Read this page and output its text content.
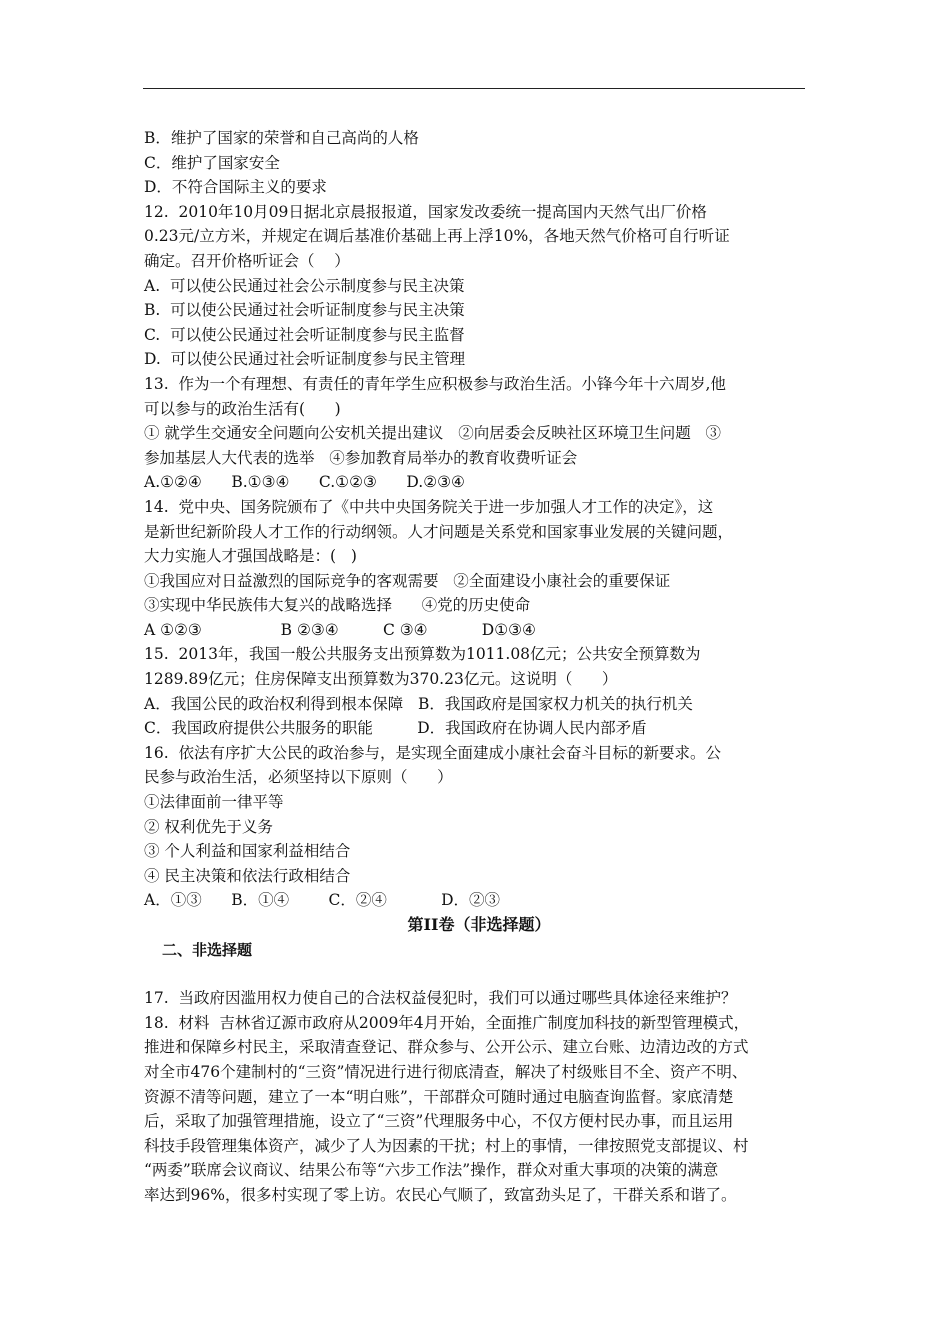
B．维护了国家的荣誉和自己高尚的人格
C．维护了国家安全
D．不符合国际主义的要求
12.  2010年10月09日据北京晨报报道，国家发改委统一提高国内天然气出厂价格
0.23元/立方米，并规定在调后基准价基础上再上浮10%，各地天然气价格可自行听证
确定。召开价格听证会（    ）
A.  可以使公民通过社会公示制度参与民主决策
B.  可以使公民通过社会听证制度参与民主决策
C.  可以使公民通过社会听证制度参与民主监督
D.  可以使公民通过社会听证制度参与民主管理
13.  作为一个有理想、有责任的青年学生应积极参与政治生活。小锋今年十六周岁,他
可以参与的政治生活有(      )
① 就学生交通安全问题向公安机关提出建议   ②向居委会反映社区环境卫生问题   ③
参加基层人大代表的选举   ④参加教育局举办的教育收费听证会
A.①②④      B.①③④      C.①②③      D.②③④
14.  党中央、国务院颁布了《中共中央国务院关于进一步加强人才工作的决定》，这
是新世纪新阶段人才工作的行动纲领。人才问题是关系党和国家事业发展的关键问题，
大力实施人才强国战略是：(   )
①我国应对日益激烈的国际竞争的客观需要   ②全面建设小康社会的重要保证
③实现中华民族伟大复兴的战略选择      ④党的历史使命
A ①②③                B ②③④         C ③④           D①③④
15.  2013年，我国一般公共服务支出预算数为1011.08亿元；公共安全预算数为
1289.89亿元；住房保障支出预算数为370.23亿元。这说明（      ）
A．我国公民的政治权利得到根本保障   B．我国政府是国家权力机关的执行机关
C．我国政府提供公共服务的职能         D．我国政府在协调人民内部矛盾
16.  依法有序扩大公民的政治参与，是实现全面建成小康社会奋斗目标的新要求。公
民参与政治生活，必须坚持以下原则（      ）
①法律面前一律平等
② 权利优先于义务
③ 个人利益和国家利益相结合
④ 民主决策和依法行政相结合
A．①③      B．①④        C．②④           D．②③
第II卷（非选择题）
二、非选择题
17.  当政府因滥用权力使自己的合法权益侵犯时，我们可以通过哪些具体途径来维护？
18.  材料  吉林省辽源市政府从2009年4月开始，全面推广制度加科技的新型管理模式，
推进和保障乡村民主，采取清查登记、群众参与、公开公示、建立台账、边清边改的方式
对全市476个建制村的“三资”情况进行进行彻底清查，解决了村级账目不全、资产不明、
资源不清等问题，建立了一本“明白账”，干部群众可随时通过电脑查询监督。家底清楚
后，采取了加强管理措施，设立了“三资”代理服务中心，不仅方便村民办事，而且运用
科技手段管理集体资产，减少了人为因素的干扰；村上的事情，一律按照党支部提议、村
“两委”联席会议商议、结果公布等“六步工作法”操作，群众对重大事项的决策的满意
率达到96%，很多村实现了零上访。农民心气顺了，致富劲头足了，干群关系和谐了。
